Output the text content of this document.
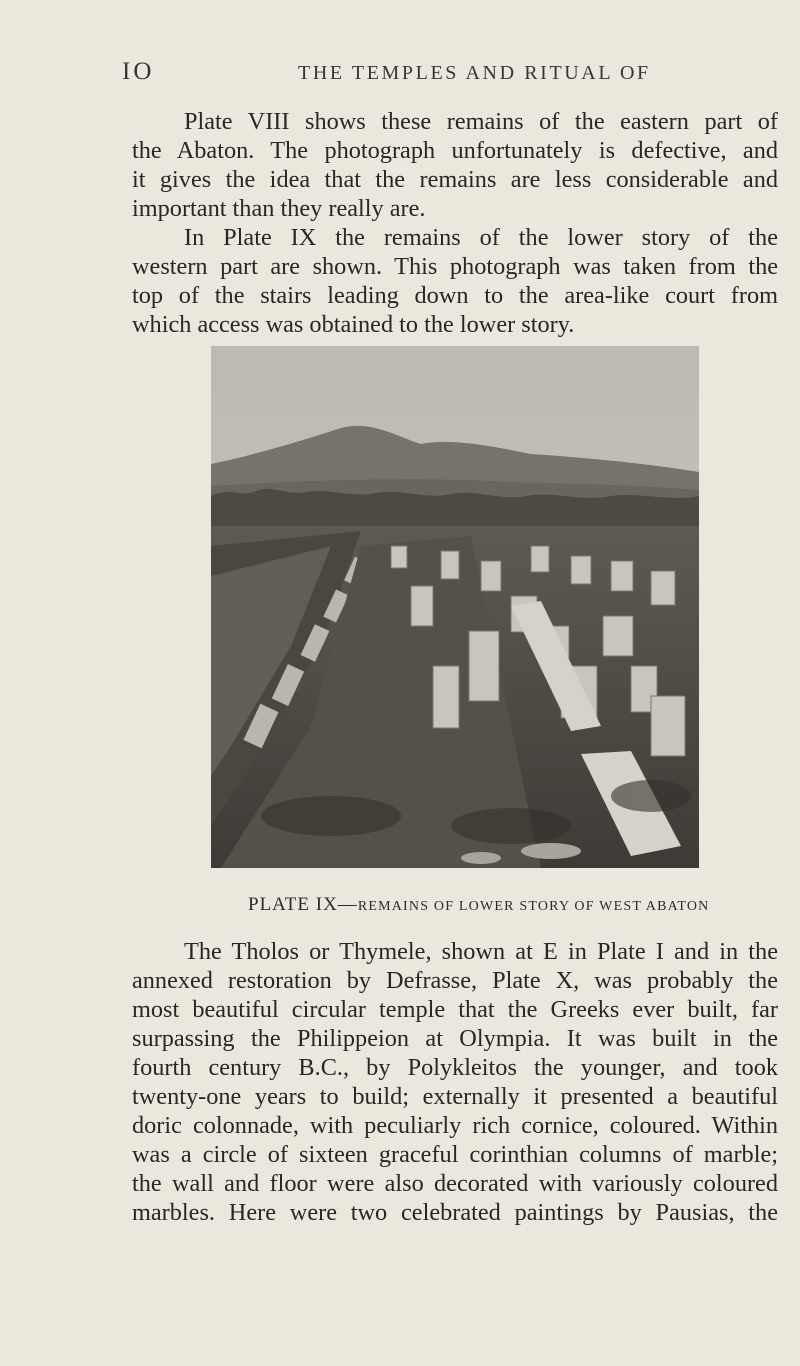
IO	THE TEMPLES AND RITUAL OF

Plate VIII shows these remains of the eastern part of
the Abaton. The photograph unfortunately is defective, and
it gives the idea that the remains are less considerable and
important than they really are.
In Plate IX the remains of the lower story of the
western part are shown. This photograph was taken from the
top of the stairs leading down to the area-like court from
which access was obtained to the lower story.

PLATE IX—REMAINS OF LOWER STORY OF WEST ABATON

The Tholos or Thymele, shown at E in Plate I and in the
annexed restoration by Defrasse, Plate X, was probably the
most beautiful circular temple that the Greeks ever built, far
surpassing the Philippeion at Olympia. It was built in the
fourth century B.C., by Polykleitos the younger, and took
twenty-one years to build; externally it presented a beautiful
doric colonnade, with peculiarly rich cornice, coloured. Within
was a circle of sixteen graceful corinthian columns of marble;
the wall and floor were also decorated with variously coloured
marbles. Here were two celebrated paintings by Pausias, the
